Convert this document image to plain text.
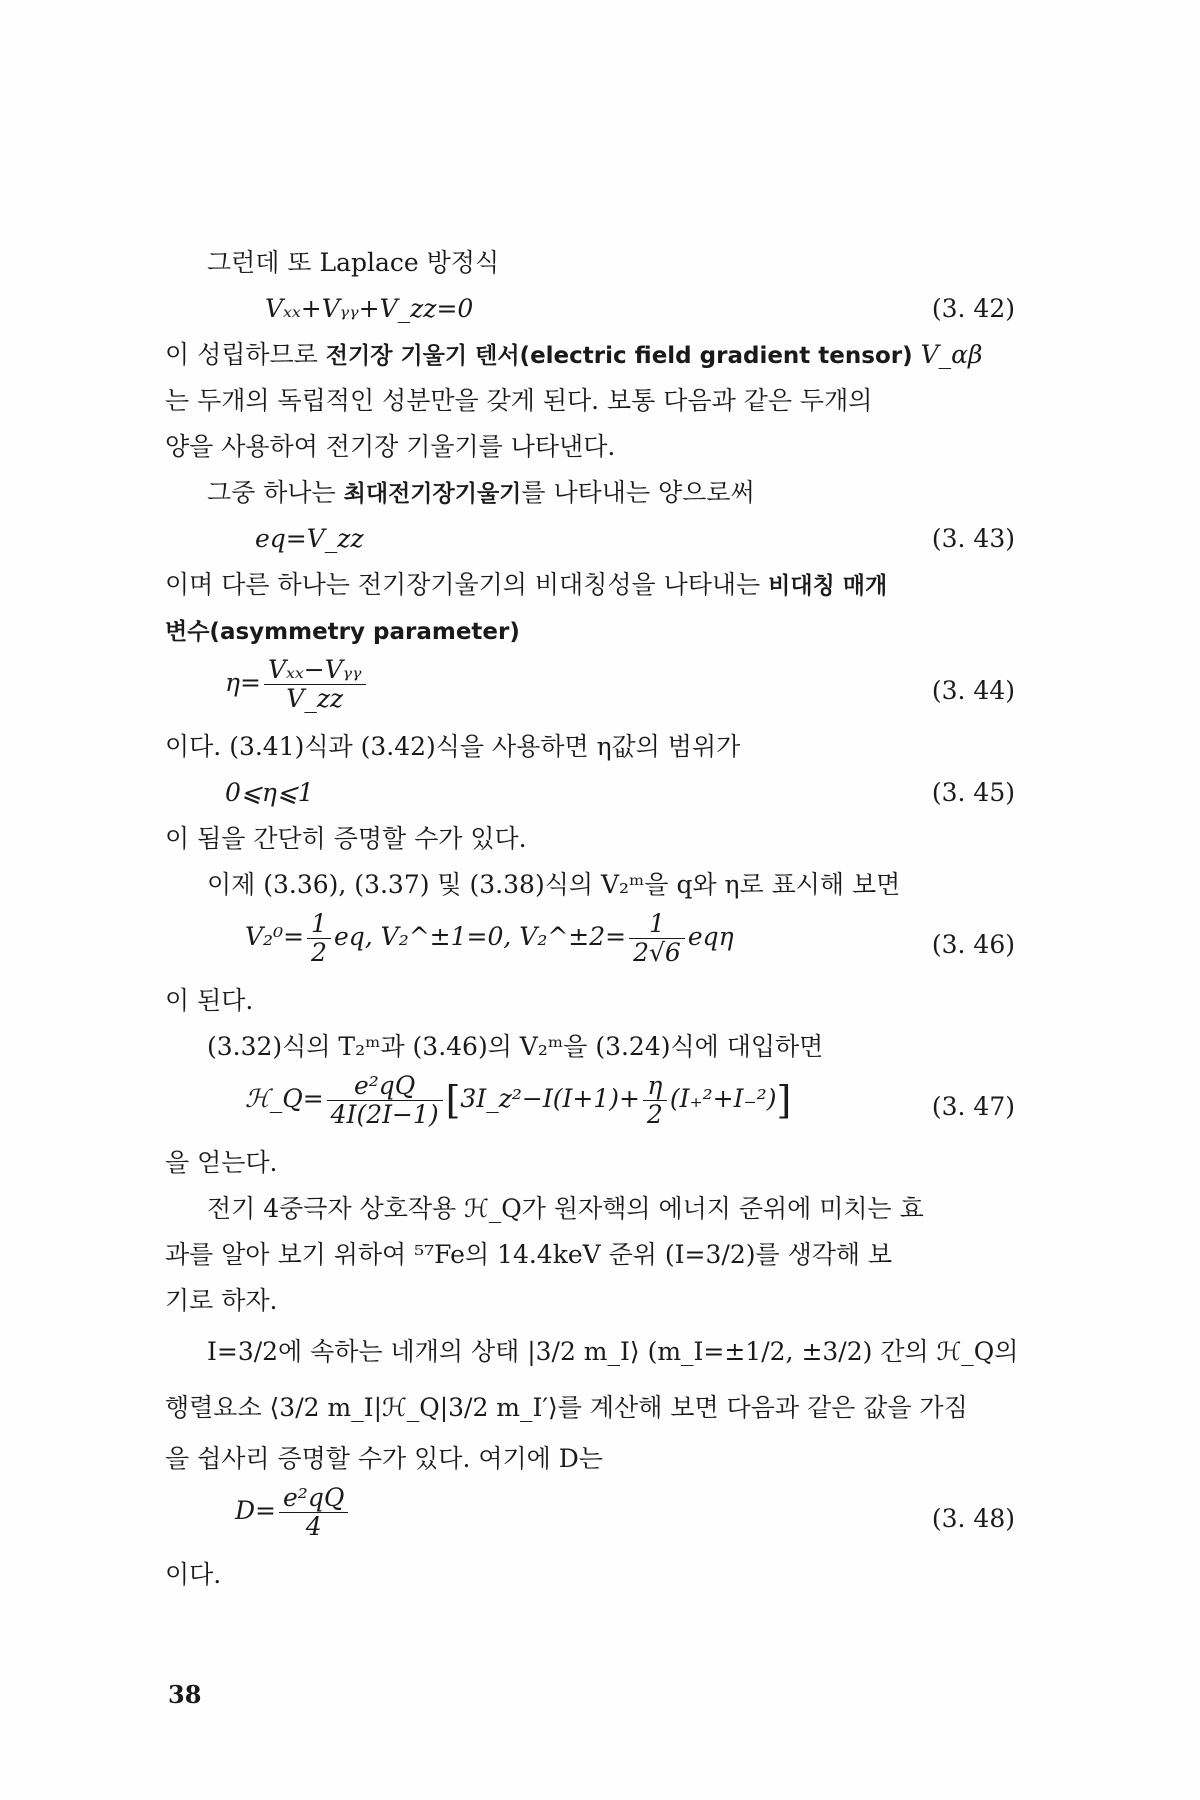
그런데 또 Laplace 방정식
Vₓₓ+Vᵧᵧ+V_zz=0	(3. 42)
이 성립하므로 전기장 기울기 텐서(electric field gradient tensor) V_αβ
는 두개의 독립적인 성분만을 갖게 된다. 보통 다음과 같은 두개의
양을 사용하여 전기장 기울기를 나타낸다.
그중 하나는 최대전기장기울기를 나타내는 양으로써
eq=V_zz	(3. 43)
이며 다른 하나는 전기장기울기의 비대칭성을 나타내는 비대칭 매개
변수(asymmetry parameter)
$\eta= \frac{\text{Vₓₓ−Vᵧᵧ}}{V\_zz}$	(3. 44)
이다. (3.41)식과 (3.42)식을 사용하면 η값의 범위가
0⩽η⩽1	(3. 45)
이 됨을 간단히 증명할 수가 있다.
이제 (3.36), (3.37) 및 (3.38)식의 V₂ᵐ을 q와 η로 표시해 보면
$V_2^0= \frac{1}{2}$ eq, V₂^±1=0, V₂^±2= $\frac{1}{2√6}$ eqη	(3. 46)
이 된다.
(3.32)식의 T₂ᵐ과 (3.46)의 V₂ᵐ을 (3.24)식에 대입하면
ℋ_Q= $\frac{\text{e²qQ}}{4I(2I-1)}$ [3I_z²−I(I+1)+ $\frac{\eta}{2} (I_+^2+I_-^2)$]	(3. 47)
을 얻는다.
전기 4중극자 상호작용 ℋ_Q가 원자핵의 에너지 준위에 미치는 효
과를 알아 보기 위하여 ⁵⁷Fe의 14.4keV 준위 (I=3/2)를 생각해 보
기로 하자.
I=3/2에 속하는 네개의 상태 |3/2 m_I⟩ (m_I=±1/2, ±3/2) 간의 ℋ_Q의
행렬요소 ⟨3/2 m_I|ℋ_Q|3/2 m_I′⟩를 계산해 보면 다음과 같은 값을 가짐
을 쉽사리 증명할 수가 있다. 여기에 D는
$D= \frac{\text{e²qQ}}{4}$	(3. 48)
이다.
38
